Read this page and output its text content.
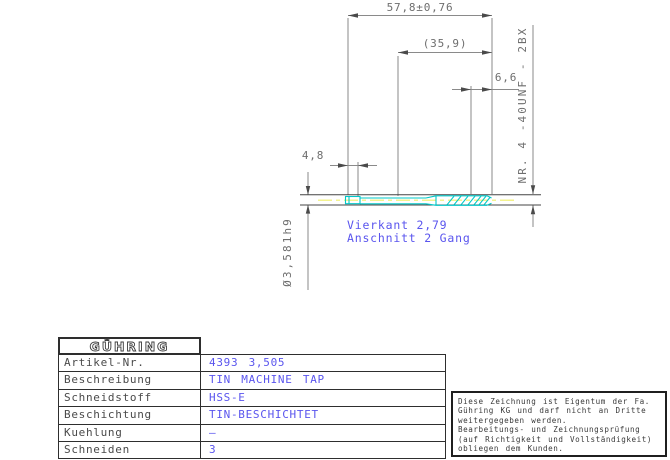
57,8±0,76
(35,9)
6,6
4,8
Ø3,581h9
NR. 4 -40UNF - 2BX
Vierkant 2,79
Anschnitt 2 Gang
GÜHRING
Artikel-Nr.	4393 3,505
Beschreibung	TIN MACHINE TAP
Schneidstoff	HSS-E
Beschichtung	TIN-BESCHICHTET
Kuehlung	–
Schneiden	3
Diese Zeichnung ist Eigentum der Fa.
Gühring KG und darf nicht an Dritte
weitergegeben werden.
Bearbeitungs- und Zeichnungsprüfung
(auf Richtigkeit und Vollständigkeit)
obliegen dem Kunden.
